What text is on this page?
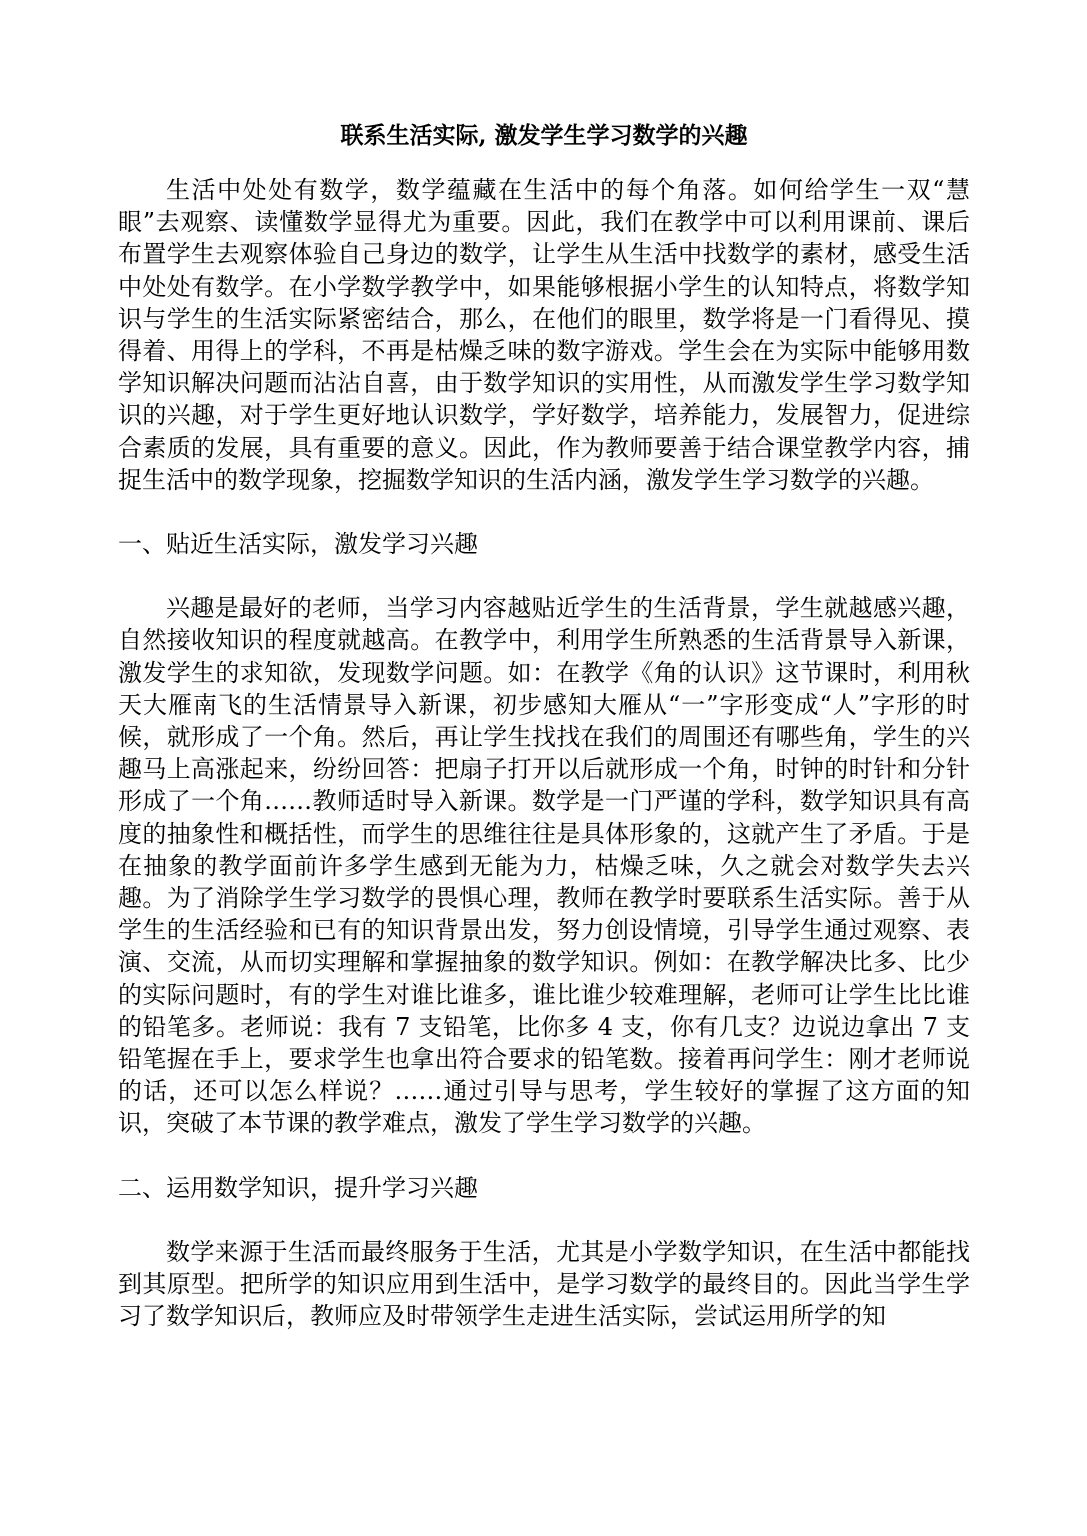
联系生活实际, 激发学生学习数学的兴趣

生活中处处有数学，数学蕴藏在生活中的每个角落。如何给学生一双“慧眼”去观察、读懂数学显得尤为重要。因此，我们在教学中可以利用课前、课后布置学生去观察体验自己身边的数学，让学生从生活中找数学的素材，感受生活中处处有数学。在小学数学教学中，如果能够根据小学生的认知特点，将数学知识与学生的生活实际紧密结合，那么，在他们的眼里，数学将是一门看得见、摸得着、用得上的学科，不再是枯燥乏味的数字游戏。学生会在为实际中能够用数学知识解决问题而沾沾自喜，由于数学知识的实用性，从而激发学生学习数学知识的兴趣，对于学生更好地认识数学，学好数学，培养能力，发展智力，促进综合素质的发展，具有重要的意义。因此，作为教师要善于结合课堂教学内容，捕捉生活中的数学现象，挖掘数学知识的生活内涵，激发学生学习数学的兴趣。

一、贴近生活实际，激发学习兴趣

兴趣是最好的老师，当学习内容越贴近学生的生活背景，学生就越感兴趣，自然接收知识的程度就越高。在教学中，利用学生所熟悉的生活背景导入新课，激发学生的求知欲，发现数学问题。如：在教学《角的认识》这节课时，利用秋天大雁南飞的生活情景导入新课，初步感知大雁从“一”字形变成“人”字形的时候，就形成了一个角。然后，再让学生找找在我们的周围还有哪些角，学生的兴趣马上高涨起来，纷纷回答：把扇子打开以后就形成一个角，时钟的时针和分针形成了一个角……教师适时导入新课。数学是一门严谨的学科，数学知识具有高度的抽象性和概括性，而学生的思维往往是具体形象的，这就产生了矛盾。于是在抽象的教学面前许多学生感到无能为力，枯燥乏味，久之就会对数学失去兴趣。为了消除学生学习数学的畏惧心理，教师在教学时要联系生活实际。善于从学生的生活经验和已有的知识背景出发，努力创设情境，引导学生通过观察、表演、交流，从而切实理解和掌握抽象的数学知识。例如：在教学解决比多、比少的实际问题时，有的学生对谁比谁多，谁比谁少较难理解，老师可让学生比比谁的铅笔多。老师说：我有 7 支铅笔，比你多 4 支，你有几支？边说边拿出 7 支铅笔握在手上，要求学生也拿出符合要求的铅笔数。接着再问学生：刚才老师说的话，还可以怎么样说？……通过引导与思考，学生较好的掌握了这方面的知识，突破了本节课的教学难点，激发了学生学习数学的兴趣。

二、运用数学知识，提升学习兴趣

数学来源于生活而最终服务于生活，尤其是小学数学知识，在生活中都能找到其原型。把所学的知识应用到生活中，是学习数学的最终目的。因此当学生学习了数学知识后，教师应及时带领学生走进生活实际，尝试运用所学的知
